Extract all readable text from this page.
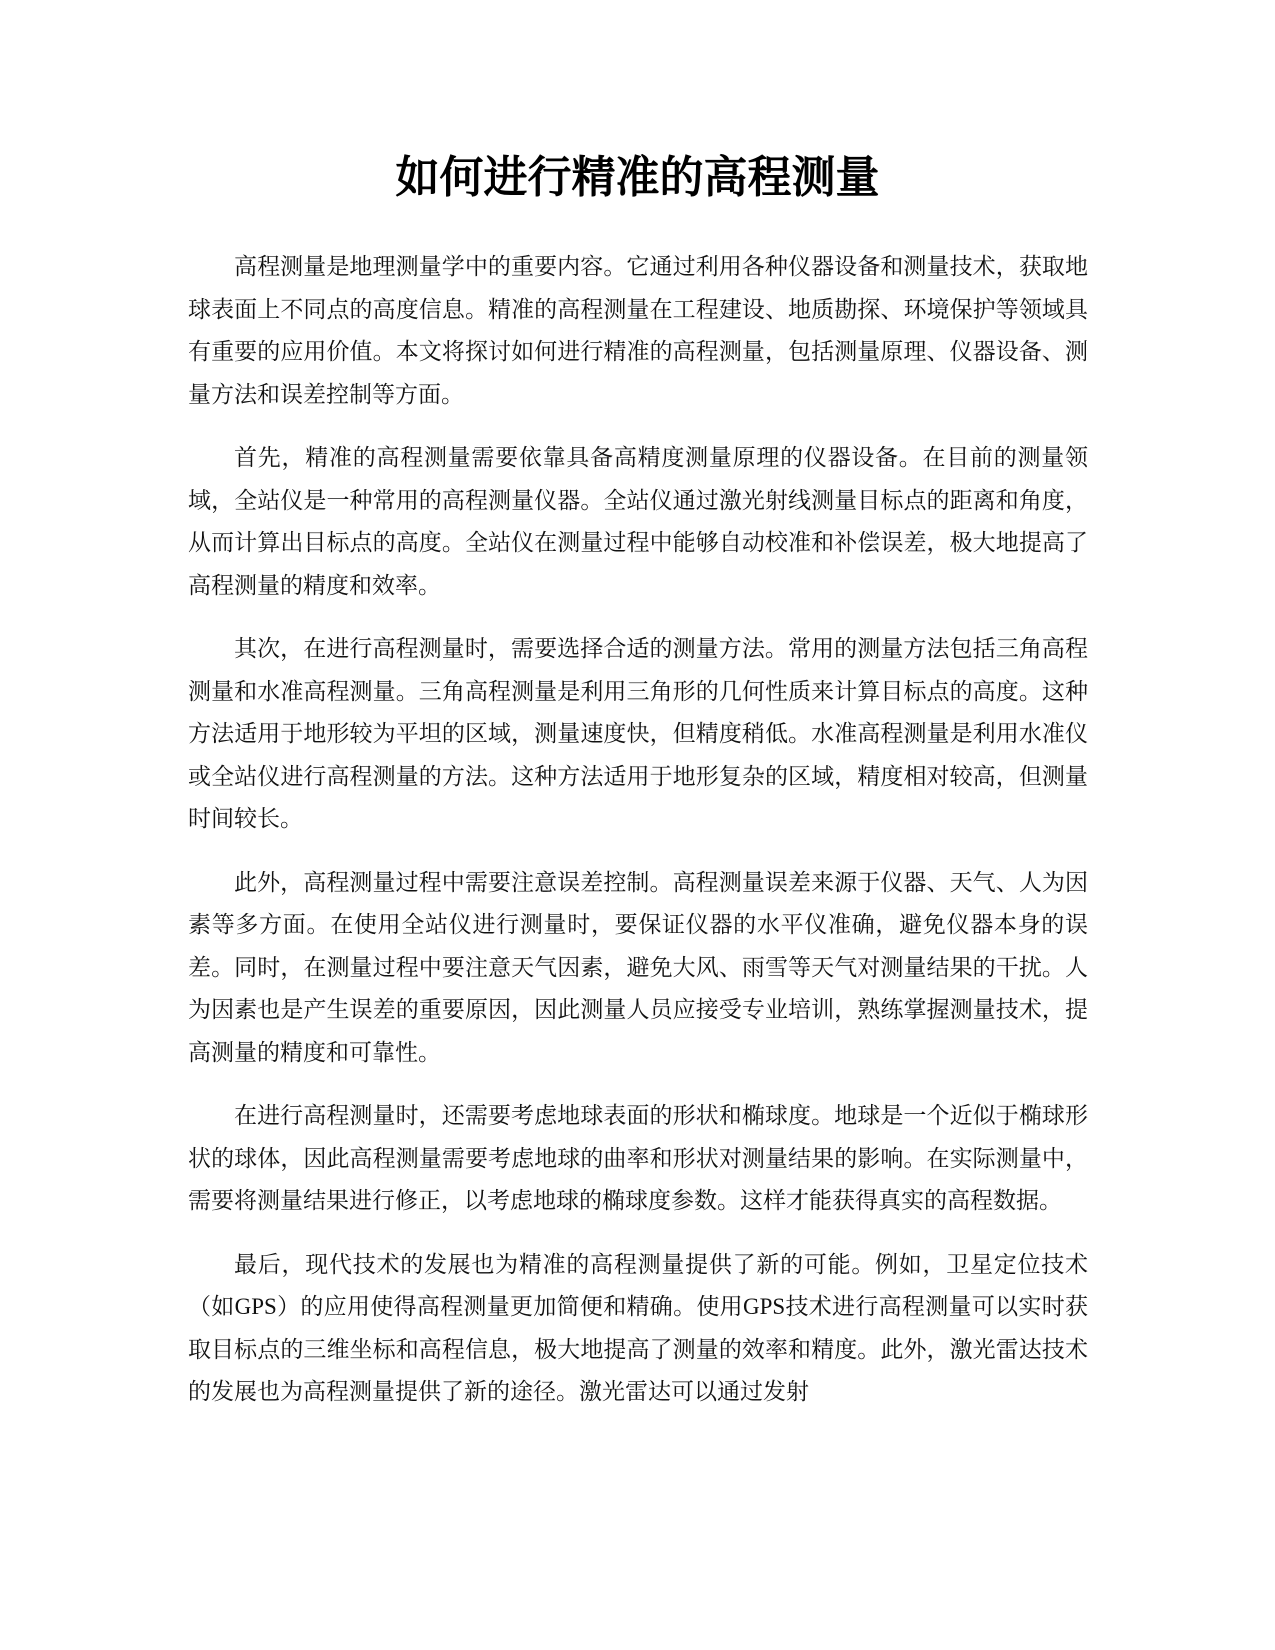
如何进行精准的高程测量

高程测量是地理测量学中的重要内容。它通过利用各种仪器设备和测量技术，获取地球表面上不同点的高度信息。精准的高程测量在工程建设、地质勘探、环境保护等领域具有重要的应用价值。本文将探讨如何进行精准的高程测量，包括测量原理、仪器设备、测量方法和误差控制等方面。

首先，精准的高程测量需要依靠具备高精度测量原理的仪器设备。在目前的测量领域，全站仪是一种常用的高程测量仪器。全站仪通过激光射线测量目标点的距离和角度，从而计算出目标点的高度。全站仪在测量过程中能够自动校准和补偿误差，极大地提高了高程测量的精度和效率。

其次，在进行高程测量时，需要选择合适的测量方法。常用的测量方法包括三角高程测量和水准高程测量。三角高程测量是利用三角形的几何性质来计算目标点的高度。这种方法适用于地形较为平坦的区域，测量速度快，但精度稍低。水准高程测量是利用水准仪或全站仪进行高程测量的方法。这种方法适用于地形复杂的区域，精度相对较高，但测量时间较长。

此外，高程测量过程中需要注意误差控制。高程测量误差来源于仪器、天气、人为因素等多方面。在使用全站仪进行测量时，要保证仪器的水平仪准确，避免仪器本身的误差。同时，在测量过程中要注意天气因素，避免大风、雨雪等天气对测量结果的干扰。人为因素也是产生误差的重要原因，因此测量人员应接受专业培训，熟练掌握测量技术，提高测量的精度和可靠性。

在进行高程测量时，还需要考虑地球表面的形状和椭球度。地球是一个近似于椭球形状的球体，因此高程测量需要考虑地球的曲率和形状对测量结果的影响。在实际测量中，需要将测量结果进行修正，以考虑地球的椭球度参数。这样才能获得真实的高程数据。

最后，现代技术的发展也为精准的高程测量提供了新的可能。例如，卫星定位技术（如GPS）的应用使得高程测量更加简便和精确。使用GPS技术进行高程测量可以实时获取目标点的三维坐标和高程信息，极大地提高了测量的效率和精度。此外，激光雷达技术的发展也为高程测量提供了新的途径。激光雷达可以通过发射
